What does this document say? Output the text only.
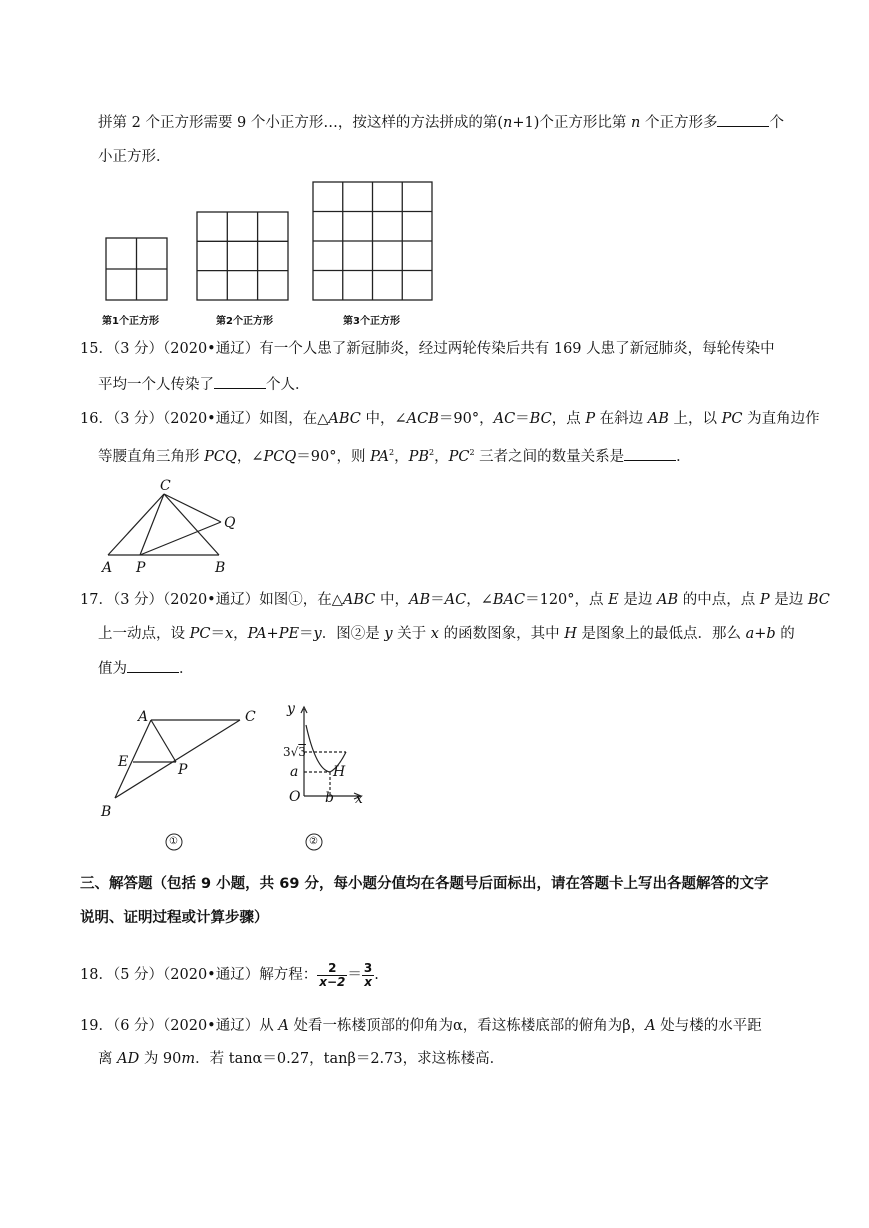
拼第 2 个正方形需要 9 个小正方形…，按这样的方法拼成的第(n+1)个正方形比第 n 个正方形多	个
小正方形．
第1个正方形	第2个正方形	第3个正方形
15．（3 分）（2020•通辽）有一个人患了新冠肺炎，经过两轮传染后共有 169 人患了新冠肺炎，每轮传染中
平均一个人传染了	个人．
16．（3 分）（2020•通辽）如图，在△ABC 中，∠ACB＝90°，AC＝BC，点 P 在斜边 AB 上，以 PC 为直角边作
等腰直角三角形 PCQ，∠PCQ＝90°，则 $PA^2$，$PB^2$，$PC^2$ 三者之间的数量关系是	．
C
Q
A P	B
17．（3 分）（2020•通辽）如图①，在△ABC 中，AB＝AC，∠BAC＝120°，点 E 是边 AB 的中点，点 P 是边 BC
上一动点，设 PC＝x，PA+PE＝y．图②是 y 关于 x 的函数图象，其中 H 是图象上的最低点．那么 a+b 的
值为	．
A	C
E	P
B
①
y
3√3
a H
O b x
②
三、解答题（包括 9 小题，共 69 分，每小题分值均在各题号后面标出，请在答题卡上写出各题解答的文字
说明、证明过程或计算步骤）
18．（5 分）（2020•通辽）解方程： $\frac{2}{x-2} = \frac{3}{x}$ .
19．（6 分）（2020•通辽）从 A 处看一栋楼顶部的仰角为α，看这栋楼底部的俯角为β，A 处与楼的水平距
离 AD 为 90m．若 tanα＝0.27，tanβ＝2.73，求这栋楼高．
